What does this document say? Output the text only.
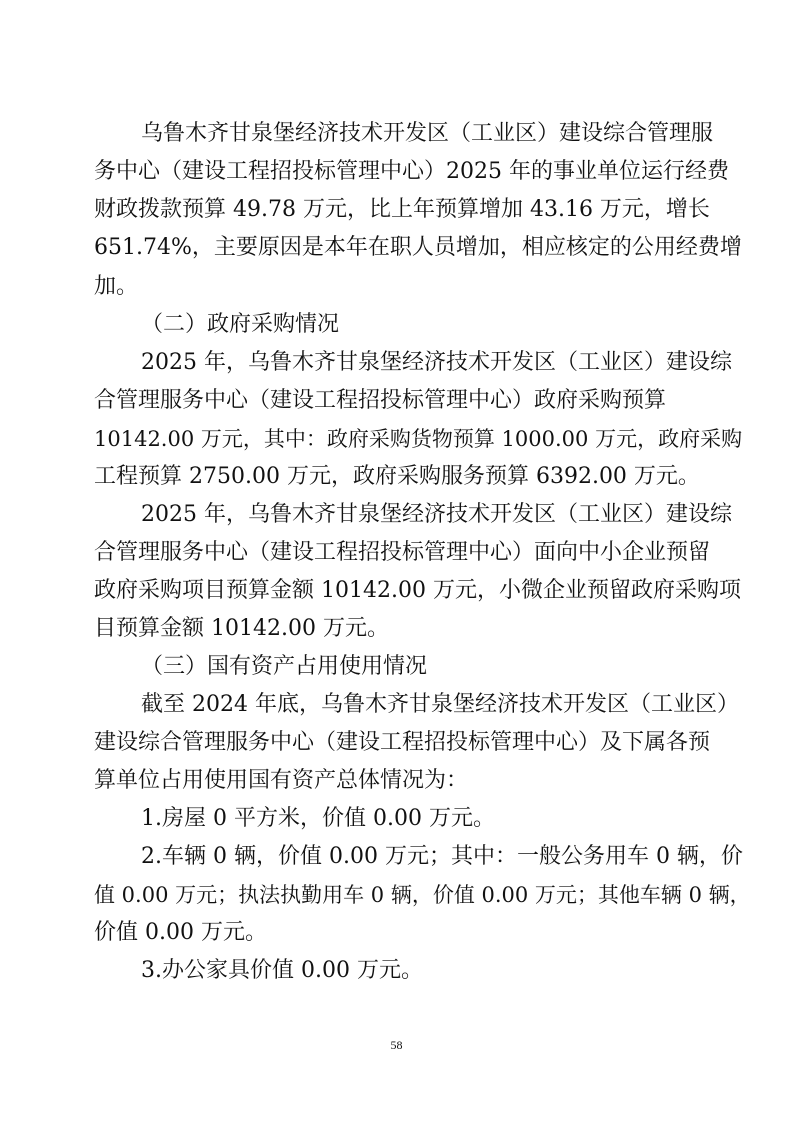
乌鲁木齐甘泉堡经济技术开发区（工业区）建设综合管理服
务中心（建设工程招投标管理中心）2025 年的事业单位运行经费
财政拨款预算 49.78 万元，比上年预算增加 43.16 万元，增长
651.74%，主要原因是本年在职人员增加，相应核定的公用经费增
加。
（二）政府采购情况
2025 年，乌鲁木齐甘泉堡经济技术开发区（工业区）建设综
合管理服务中心（建设工程招投标管理中心）政府采购预算
10142.00 万元，其中：政府采购货物预算 1000.00 万元，政府采购
工程预算 2750.00 万元，政府采购服务预算 6392.00 万元。
2025 年，乌鲁木齐甘泉堡经济技术开发区（工业区）建设综
合管理服务中心（建设工程招投标管理中心）面向中小企业预留
政府采购项目预算金额 10142.00 万元，小微企业预留政府采购项
目预算金额 10142.00 万元。
（三）国有资产占用使用情况
截至 2024 年底，乌鲁木齐甘泉堡经济技术开发区（工业区）
建设综合管理服务中心（建设工程招投标管理中心）及下属各预
算单位占用使用国有资产总体情况为：
1.房屋 0 平方米，价值 0.00 万元。
2.车辆 0 辆，价值 0.00 万元；其中：一般公务用车 0 辆，价
值 0.00 万元；执法执勤用车 0 辆，价值 0.00 万元；其他车辆 0 辆，
价值 0.00 万元。
3.办公家具价值 0.00 万元。
58
